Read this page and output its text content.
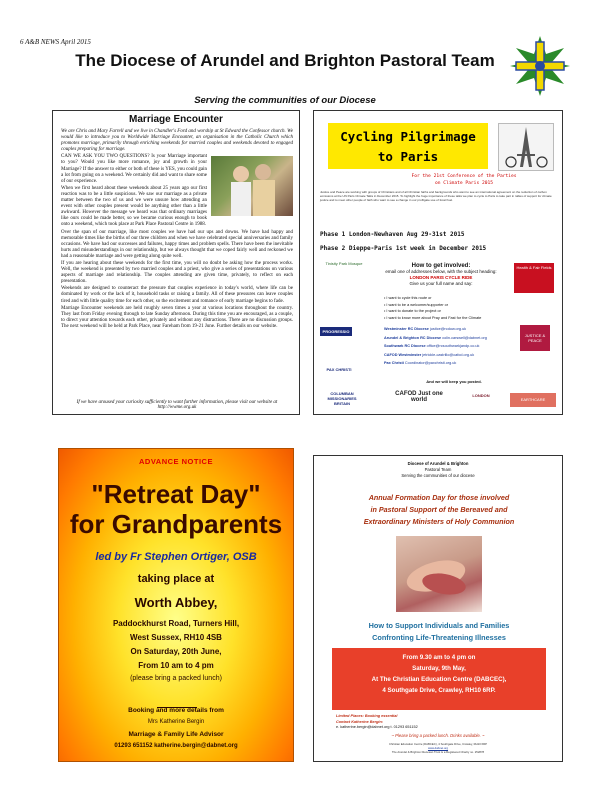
6 A&B NEWS April 2015
The Diocese of Arundel and Brighton Pastoral Team
Serving the communities of our Diocese
Marriage Encounter

We are Chris and Mary Farrell and we live in Chandler's Ford and worship at St Edward the Confessor church. We would like to introduce you to Worldwide Marriage Encounter, an organisation in the Catholic Church which promotes marriage, primarily through enriching weekends for married couples and weekends devoted to engaged couples preparing for marriage.

CAN WE ASK YOU TWO QUESTIONS? Is your Marriage important to you? Would you like more romance, joy and growth in your Marriage? If the answer to either or both of these is YES, you could gain a lot from going on a weekend. We certainly did and want to share some of our experience.

When we first heard about these weekends about 25 years ago our first reaction was to be a little suspicious. We saw our marriage as a private matter between the two of us and we were unsure how attending an event with other couples present would be anything other than a little awkward. However the message we heard was that ordinary marriages like ours could be made better, so we became curious enough to book onto a weekend, which took place at Park Place Pastoral Centre in 1988.

Over the span of our marriage, like most couples we have had our ups and downs. We have had happy and memorable times like the births of our three children and when we have celebrated special anniversaries and family occasions. We have had our successes and failures, happy times and problem spells. There have been the inevitable hurts and misunderstandings in our relationship, but we always thought that we coped fairly well and reckoned we had a reasonable marriage and were getting along quite well.

If you are hearing about these weekends for the first time, you will no doubt be asking how the process works. Well, the weekend is presented by two married couples and a priest, who give a series of presentations on various aspects of marriage and relationship. The couples attending are given time, privately, to reflect on each presentation.

Weekends are designed to counteract the pressure that couples experience in today's world, where life can be dominated by work or the lack of it, household tasks or raising a family. All of these pressures can leave couples tired and with little quality time for each other, so the excitement and romance of early marriage begins to fade.

Marriage Encounter weekends are held roughly seven times a year at various locations throughout the country. They last from Friday evening through to late Sunday afternoon. During this time you are encouraged, as a couple, to direct your attention towards each other, privately and without any distractions. There are no discussion groups. The next weekend will be held at Park Place, near Fareham from 19-21 June. Further details on our website.

If we have aroused your curiosity sufficiently to want further information, please visit our website at http://wwme.org.uk
Cycling Pilgrimage
to Paris
For the 21st Conference of the Parties
on Climate Paris 2015
Justice and Peace are working with groups of Christians and of all Christian faiths and backgrounds who want to see an international agreement on the reduction of carbon emissions at the UN Paris Climate Talks in December 2015. To highlight the huge importance of these talks we plan to cycle to Paris to take part in rallies of support for climate justice and to meet other people of faith who want to see a change in our profligate use of fossil fuel.
Phase 1 London-Newhaven Aug 29-31st 2015
Phase 2 Dieppe-Paris 1st week in December 2015
Tinisity Park Mosque
PROGRESSIO
PAX CHRISTI
Health & Fair Fields
JUSTICE & PEACE
How to get involved:
email one of addresses below, with the subject heading:
LONDON PARIS CYCLE RIDE
Give us your full name and say:
• I want to cycle this route or
• I want to be a welcomer/supporter or
• I want to donate to the project or
• I want to know more about Pray and Fast for the Climate
Westminster RC Diocese justice@rcdow.org.uk
Arundel & Brighton RC Diocese colin.carswell@dabnet.org
Southwark RC Diocese office@rcsouthwarkjandp.co.uk
CAFOD Westminster jetrickle-castrillo@cafod.org.uk
Pax Christi Coordinator@paxchristi.org.uk
And we will keep you posted.
COLUMBAN MISSIONARIES BRITAIN
CAFOD Just one world
LONDON
EARTHCARE
ADVANCE NOTICE
"Retreat Day"
for Grandparents
led by Fr Stephen Ortiger, OSB
taking place at
Worth Abbey,
Paddockhurst Road, Turners Hill,
West Sussex, RH10 4SB
On Saturday, 20th June,
From 10 am to 4 pm
(please bring a packed lunch)
Booking and more details from
Mrs Katherine Bergin
Marriage & Family Life Advisor
01293 651152 katherine.bergin@dabnet.org
Diocese of Arundel & Brighton
Pastoral Team
Serving the communities of our diocese
Annual Formation Day for those involved
in Pastoral Support of the Bereaved and
Extraordinary Ministers of Holy Communion
How to Support Individuals and Families
Confronting Life-Threatening Illnesses
From 9.30 am to 4 pm on
Saturday, 9th May,
At The Christian Education Centre (DABCEC),
4 Southgate Drive, Crawley, RH10 6RP.
Limited Places: Booking essential
Contact Katherine Bergin:
e. katherine.bergin@dabnet.org t. 01293 651152
~ Please bring a packed lunch. Drinks available. ~
Christian Education Centre (DABCEC), 4 Southgate Drive, Crawley, RH10 6RP
www.dabnet.org
The Arundel & Brighton Diocesan Trust is a Registered Charity no. 252878
